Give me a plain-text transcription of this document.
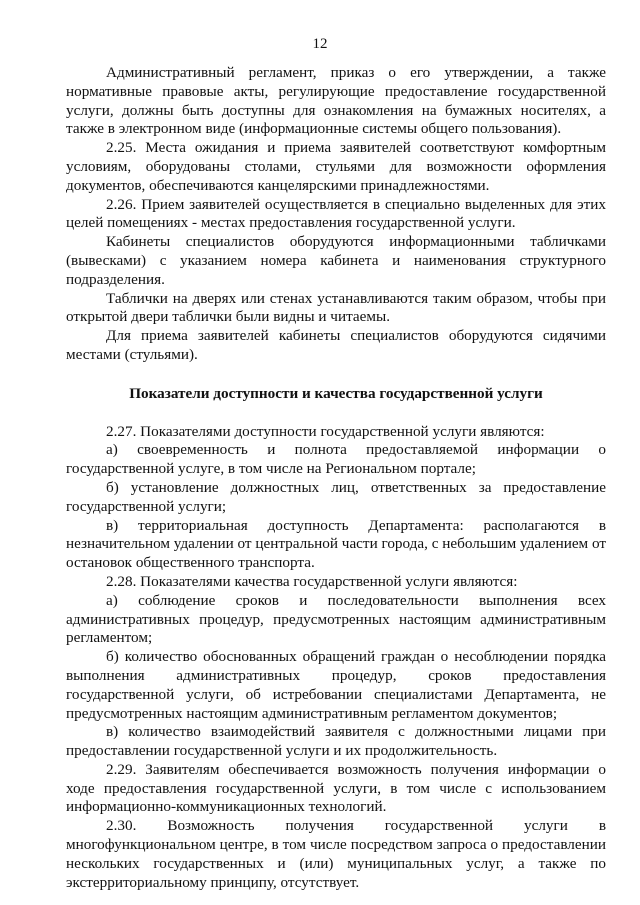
12

Административный регламент, приказ о его утверждении, а также нормативные правовые акты, регулирующие предоставление государственной услуги, должны быть доступны для ознакомления на бумажных носителях, а также в электронном виде (информационные системы общего пользования).

2.25. Места ожидания и приема заявителей соответствуют комфортным условиям, оборудованы столами, стульями для возможности оформления документов, обеспечиваются канцелярскими принадлежностями.

2.26. Прием заявителей осуществляется в специально выделенных для этих целей помещениях - местах предоставления государственной услуги.

Кабинеты специалистов оборудуются информационными табличками (вывесками) с указанием номера кабинета и наименования структурного подразделения.

Таблички на дверях или стенах устанавливаются таким образом, чтобы при открытой двери таблички были видны и читаемы.

Для приема заявителей кабинеты специалистов оборудуются сидячими местами (стульями).

Показатели доступности и качества государственной услуги

2.27. Показателями доступности государственной услуги являются:

а) своевременность и полнота предоставляемой информации о государственной услуге, в том числе на Региональном портале;

б) установление должностных лиц, ответственных за предоставление государственной услуги;

в) территориальная доступность Департамента: располагаются в незначительном удалении от центральной части города, с небольшим удалением от остановок общественного транспорта.

2.28. Показателями качества государственной услуги являются:

а) соблюдение сроков и последовательности выполнения всех административных процедур, предусмотренных настоящим административным регламентом;

б) количество обоснованных обращений граждан о несоблюдении порядка выполнения административных процедур, сроков предоставления государственной услуги, об истребовании специалистами Департамента, не предусмотренных настоящим административным регламентом документов;

в) количество взаимодействий заявителя с должностными лицами при предоставлении государственной услуги и их продолжительность.

2.29. Заявителям обеспечивается возможность получения информации о ходе предоставления государственной услуги, в том числе с использованием информационно-коммуникационных технологий.

2.30. Возможность получения государственной услуги в многофункциональном центре, в том числе посредством запроса о предоставлении нескольких государственных и (или) муниципальных услуг, а также по экстерриториальному принципу, отсутствует.
